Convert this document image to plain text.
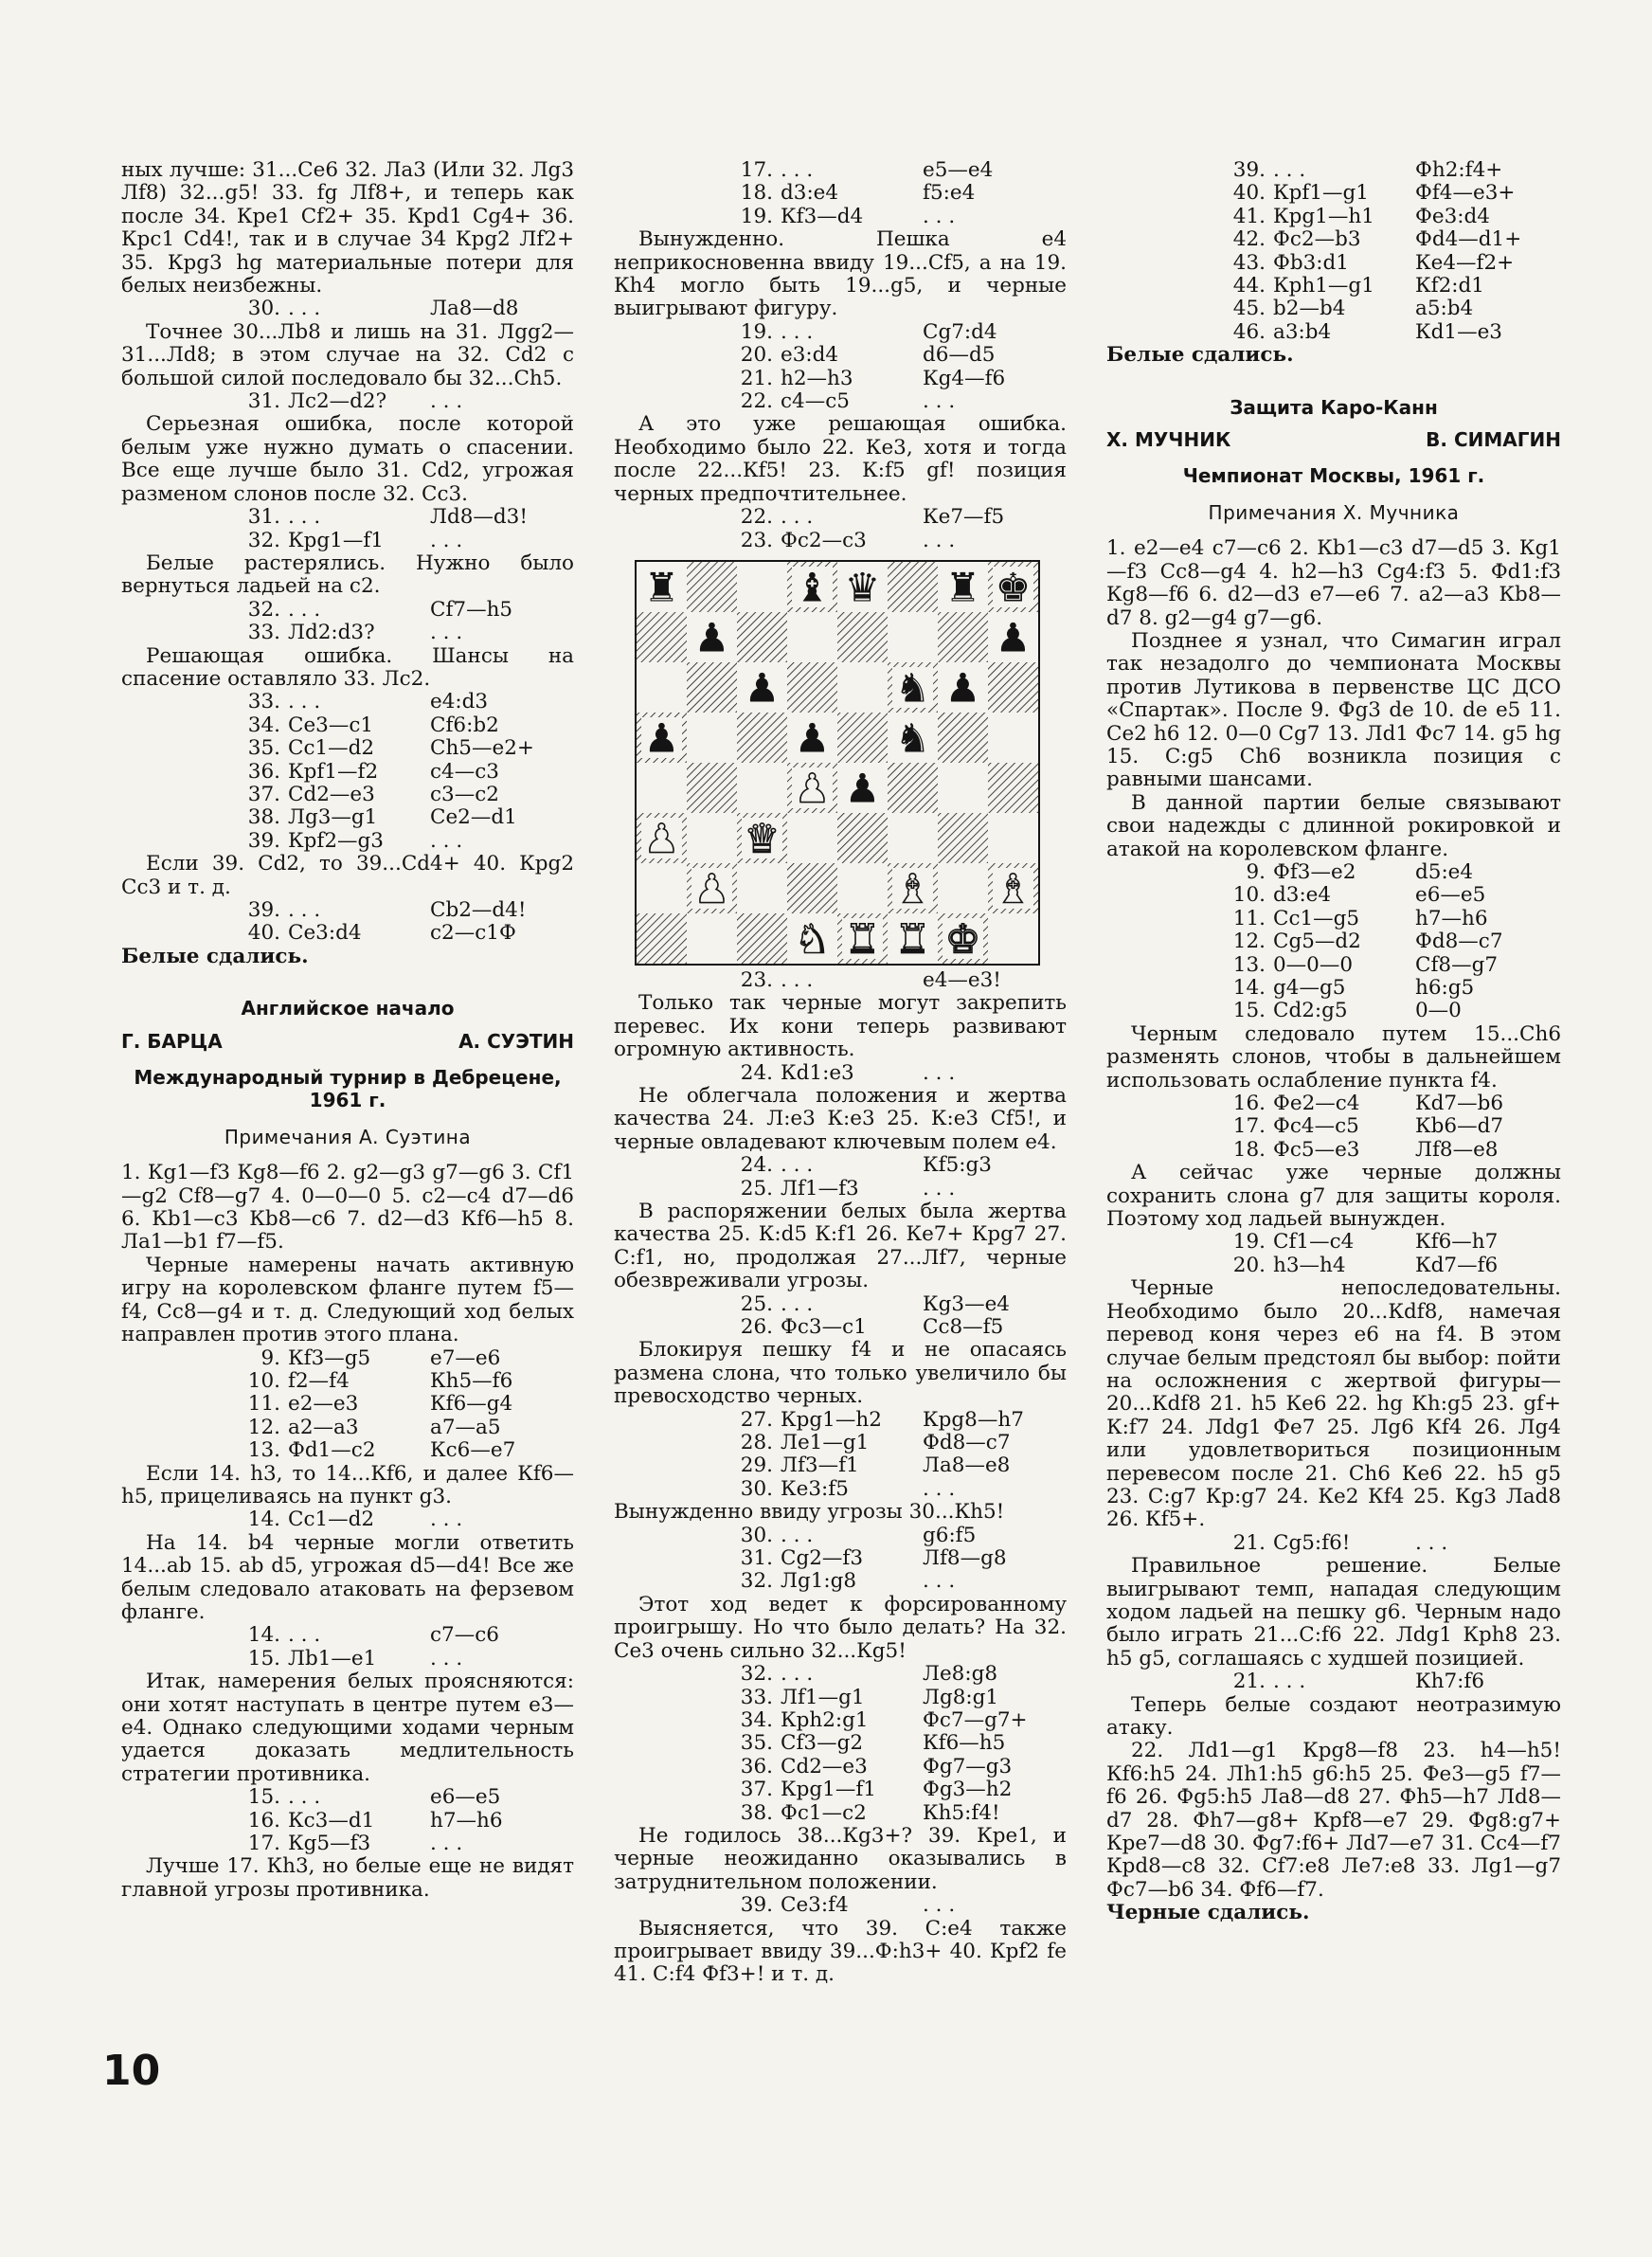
ных лучше: 31...Се6 32. Ла3 (Или 32. Лg3 Лf8) 32...g5! 33. fg Лf8+, и теперь как после 34. Кре1 Сf2+ 35. Крd1 Cg4+ 36. Крс1 Cd4!, так и в случае 34 Крg2 Лf2+ 35. Крg3 hg материальные потери для белых неизбежны.
30. . . .	Ла8—d8
Точнее 30...Лb8 и лишь на 31. Лgg2—31...Лd8; в этом случае на 32. Cd2 с большой силой последовало бы 32...Ch5.
31. Лс2—d2?	. . .
Серьезная ошибка, после которой белым уже нужно думать о спасении. Все еще лучше было 31. Cd2, угрожая разменом слонов после 32. Сс3.
31. . . .	Лd8—d3!
32. Крg1—f1	. . .
Белые растерялись. Нужно было вернуться ладьей на с2.
32. . . .	Сf7—h5
33. Лd2:d3?	. . .
Решающая ошибка. Шансы на спасение оставляло 33. Лс2.
33. . . .	е4:d3
34. Се3—с1	Сf6:b2
35. Сс1—d2	Ch5—e2+
36. Крf1—f2	с4—с3
37. Сd2—е3	с3—с2
38. Лg3—g1	Се2—d1
39. Крf2—g3	. . .
Если 39. Cd2, то 39...Cd4+ 40. Крg2 Сс3 и т. д.
39. . . .	Сb2—d4!
40. Се3:d4	c2—c1Ф
Белые сдались.
Английское начало
Г. БАРЦА	А. СУЭТИН
Международный турнир в Дебрецене, 1961 г.
Примечания А. Суэтина
1. Кg1—f3 Кg8—f6 2. g2—g3 g7—g6 3. Сf1—g2 Сf8—g7 4. 0—0—0 5. с2—с4 d7—d6 6. Кb1—с3 Кb8—с6 7. d2—d3 Кf6—h5 8. Ла1—b1 f7—f5.
Черные намерены начать активную игру на королевском фланге путем f5—f4, Сс8—g4 и т. д. Следующий ход белых направлен против этого плана.
9. Кf3—g5	е7—е6
10. f2—f4	Кh5—f6
11. е2—е3	Кf6—g4
12. а2—а3	а7—а5
13. Фd1—с2	Кс6—е7
Если 14. h3, то 14...Кf6, и далее Кf6—h5, прицеливаясь на пункт g3.
14. Сс1—d2	. . .
На 14. b4 черные могли ответить 14...ab 15. ab d5, угрожая d5—d4! Все же белым следовало атаковать на ферзевом фланге.
14. . . .	с7—с6
15. Лb1—е1	. . .
Итак, намерения белых проясняются: они хотят наступать в центре путем е3—е4. Однако следующими ходами черным удается доказать медлительность стратегии противника.
15. . . .	е6—е5
16. Кс3—d1	h7—h6
17. Кg5—f3	. . .
Лучше 17. Кh3, но белые еще не видят главной угрозы противника.
17. . . .	е5—е4
18. d3:е4	f5:е4
19. Кf3—d4	. . .
Вынужденно. Пешка е4 неприкосновенна ввиду 19...Сf5, а на 19. Кh4 могло быть 19...g5, и черные выигрывают фигуру.
19. . . .	Сg7:d4
20. е3:d4	d6—d5
21. h2—h3	Кg4—f6
22. с4—с5	. . .
А это уже решающая ошибка. Необходимо было 22. Ке3, хотя и тогда после 22...Кf5! 23. К:f5 gf! позиция черных предпочтительнее.
22. . . .	Ке7—f5
23. Фс2—с3	. . .
♜	♝ ♛ ♜ ♚
♟	♟
♟	♞ ♟
♟	♟ ♞
♟ ♟
♟ ♛
♟	♝ ♝
♞ ♜ ♜ ♚
23. . . .	е4—е3!
Только так черные могут закрепить перевес. Их кони теперь развивают огромную активность.
24. Кd1:е3	. . .
Не облегчала положения и жертва качества 24. Л:е3 К:е3 25. К:е3 Сf5!, и черные овладевают ключевым полем е4.
24. . . .	Кf5:g3
25. Лf1—f3	. . .
В распоряжении белых была жертва качества 25. К:d5 К:f1 26. Ке7+ Крg7 27. С:f1, но, продолжая 27...Лf7, черные обезвреживали угрозы.
25. . . .	Кg3—е4
26. Фс3—с1	Сс8—f5
Блокируя пешку f4 и не опасаясь размена слона, что только увеличило бы превосходство черных.
27. Крg1—h2	Крg8—h7
28. Ле1—g1	Фd8—с7
29. Лf3—f1	Ла8—е8
30. Ке3:f5	. . .
Вынужденно ввиду угрозы 30...Кh5!
30. . . .	g6:f5
31. Сg2—f3	Лf8—g8
32. Лg1:g8	. . .
Этот ход ведет к форсированному проигрышу. Но что было делать? На 32. Се3 очень сильно 32...Кg5!
32. . . .	Ле8:g8
33. Лf1—g1	Лg8:g1
34. Крh2:g1	Фс7—g7+
35. Сf3—g2	Кf6—h5
36. Сd2—е3	Фg7—g3
37. Крg1—f1	Фg3—h2
38. Фс1—с2	Кh5:f4!
Не годилось 38...Кg3+? 39. Кре1, и черные неожиданно оказывались в затруднительном положении.
39. Се3:f4	. . .
Выясняется, что 39. С:е4 также проигрывает ввиду 39...Ф:h3+ 40. Крf2 fe 41. С:f4 Фf3+! и т. д.
39. . . .	Фh2:f4+
40. Крf1—g1	Фf4—е3+
41. Крg1—h1	Фе3:d4
42. Фс2—b3	Фd4—d1+
43. Фb3:d1	Ке4—f2+
44. Крh1—g1	Кf2:d1
45. b2—b4	а5:b4
46. а3:b4	Кd1—е3
Белые сдались.
Защита Каро-Канн
Х. МУЧНИК	В. СИМАГИН
Чемпионат Москвы, 1961 г.
Примечания Х. Мучника
1. е2—е4 с7—с6 2. Кb1—с3 d7—d5 3. Кg1—f3 Сс8—g4 4. h2—h3 Сg4:f3 5. Фd1:f3 Кg8—f6 6. d2—d3 е7—е6 7. а2—а3 Кb8—d7 8. g2—g4 g7—g6.
Позднее я узнал, что Симагин играл так незадолго до чемпионата Москвы против Лутикова в первенстве ЦС ДСО «Спартак». После 9. Фg3 de 10. de е5 11. Се2 h6 12. 0—0 Сg7 13. Лd1 Фс7 14. g5 hg 15. С:g5 Сh6 возникла позиция с равными шансами.
В данной партии белые связывают свои надежды с длинной рокировкой и атакой на королевском фланге.
9. Фf3—е2	d5:е4
10. d3:е4	е6—е5
11. Сс1—g5	h7—h6
12. Сg5—d2	Фd8—с7
13. 0—0—0	Сf8—g7
14. g4—g5	h6:g5
15. Сd2:g5	0—0
Черным следовало путем 15...Сh6 разменять слонов, чтобы в дальнейшем использовать ослабление пункта f4.
16. Фе2—с4	Кd7—b6
17. Фс4—с5	Кb6—d7
18. Фс5—е3	Лf8—е8
А сейчас уже черные должны сохранить слона g7 для защиты короля. Поэтому ход ладьей вынужден.
19. Сf1—с4	Кf6—h7
20. h3—h4	Кd7—f6
Черные непоследовательны. Необходимо было 20...Кdf8, намечая перевод коня через е6 на f4. В этом случае белым предстоял бы выбор: пойти на осложнения с жертвой фигуры—20...Кdf8 21. h5 Ке6 22. hg Кh:g5 23. gf+ К:f7 24. Лdg1 Фе7 25. Лg6 Кf4 26. Лg4 или удовлетвориться позиционным перевесом после 21. Сh6 Ке6 22. h5 g5 23. С:g7 Кр:g7 24. Ке2 Кf4 25. Кg3 Лad8 26. Кf5+.
21. Сg5:f6!	. . .
Правильное решение. Белые выигрывают темп, нападая следующим ходом ладьей на пешку g6. Черным надо было играть 21...С:f6 22. Лdg1 Крh8 23. h5 g5, соглашаясь с худшей позицией.
21. . . .	Кh7:f6
Теперь белые создают неотразимую атаку.
22. Лd1—g1 Крg8—f8 23. h4—h5! Кf6:h5 24. Лh1:h5 g6:h5 25. Фе3—g5 f7—f6 26. Фg5:h5 Ла8—d8 27. Фh5—h7 Лd8—d7 28. Фh7—g8+ Крf8—е7 29. Фg8:g7+ Кре7—d8 30. Фg7:f6+ Лd7—е7 31. Сс4—f7 Крd8—с8 32. Сf7:е8 Ле7:е8 33. Лg1—g7 Фс7—b6 34. Фf6—f7.
Черные сдались.
10
